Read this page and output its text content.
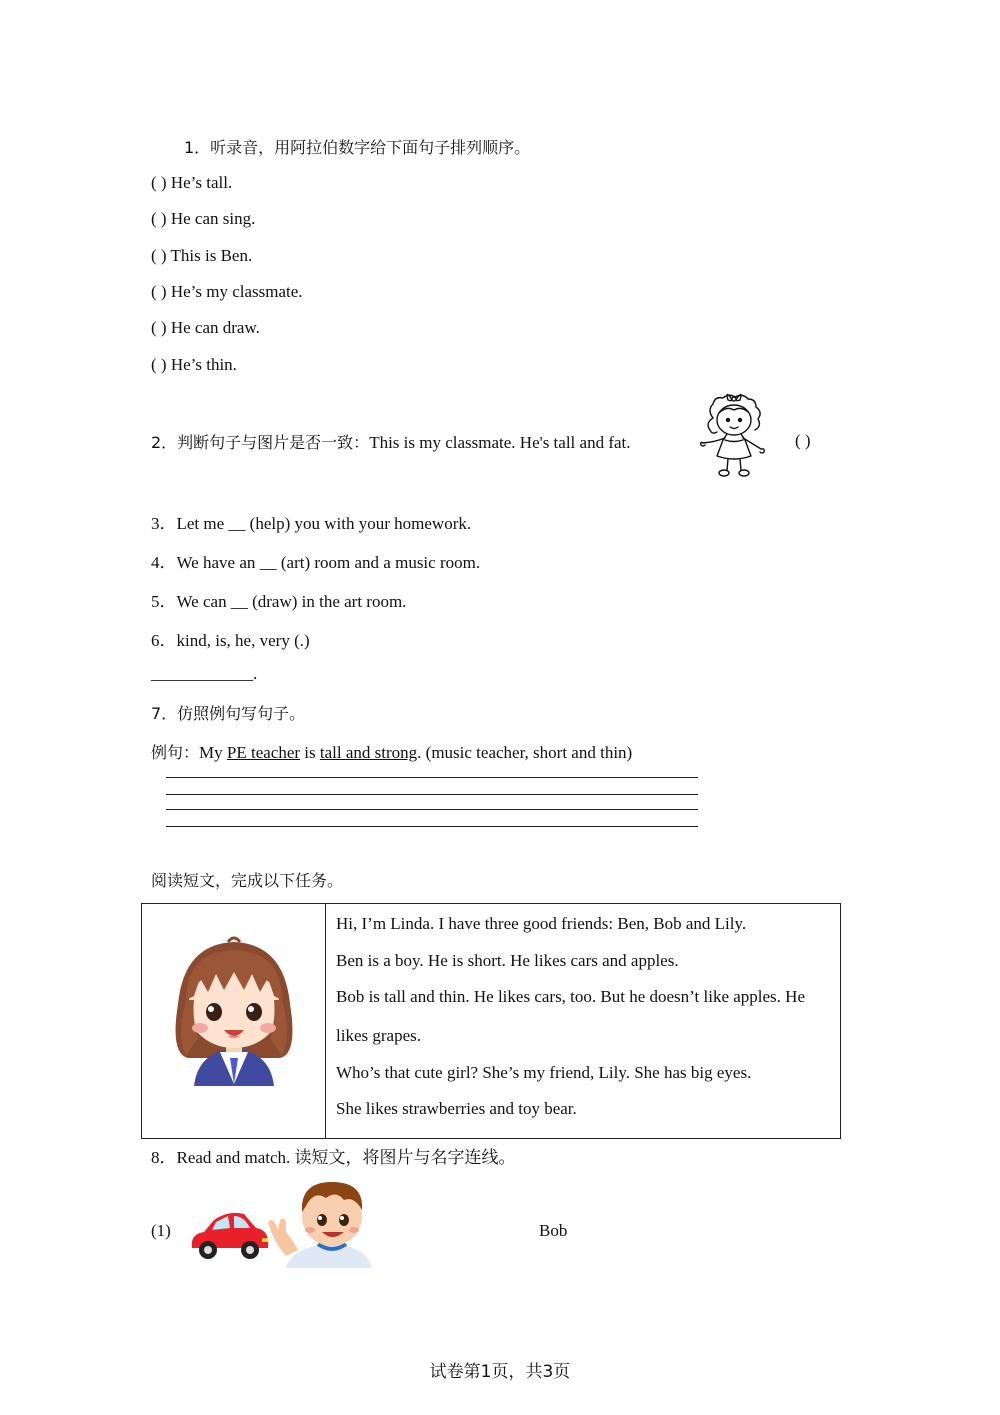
1．听录音，用阿拉伯数字给下面句子排列顺序。
( ) He’s tall.
( ) He can sing.
( ) This is Ben.
( ) He’s my classmate.
( ) He can draw.
( ) He’s thin.
2．判断句子与图片是否一致：This is my classmate. He's tall and fat.	( )
3．Let me __ (help) you with your homework.
4．We have an __ (art) room and a music room.
5．We can __ (draw) in the art room.
6．kind, is, he, very (.)
____________.
7．仿照例句写句子。
例句：My PE teacher is tall and strong. (music teacher, short and thin)
阅读短文，完成以下任务。

Hi, I’m Linda. I have three good friends: Ben, Bob and Lily.
Ben is a boy. He is short. He likes cars and apples.
Bob is tall and thin. He likes cars, too. But he doesn’t like apples. He
likes grapes.
Who’s that cute girl? She’s my friend, Lily. She has big eyes.
She likes strawberries and toy bear.
8．Read and match. 读短文，将图片与名字连线。
(1)	Bob
试卷第1页，共3页
